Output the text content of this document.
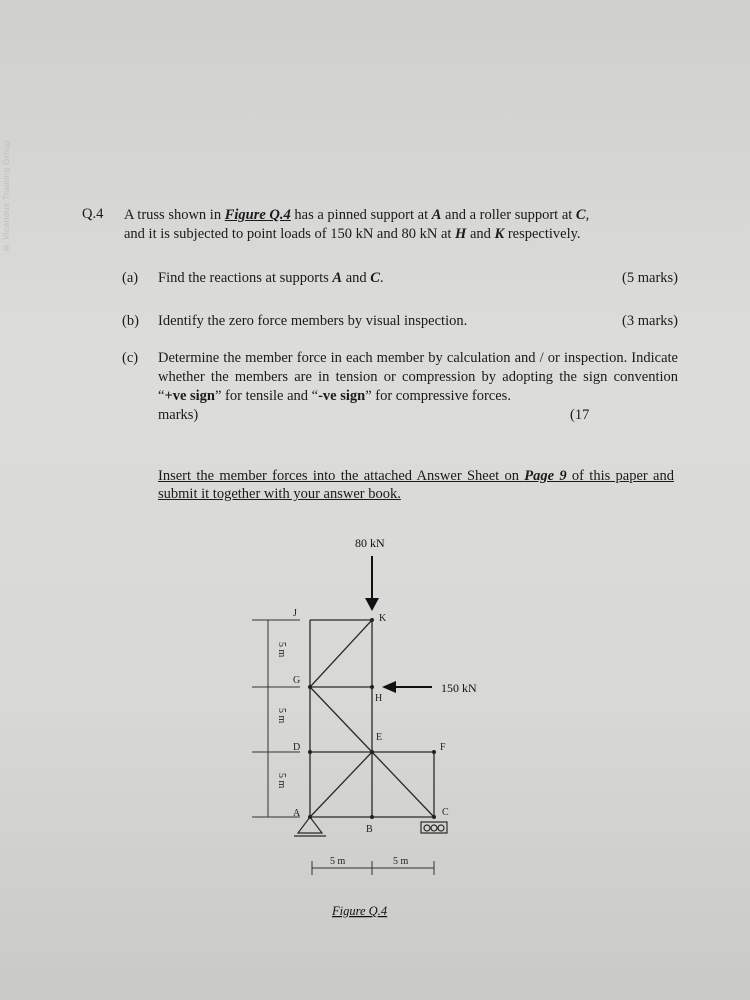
© Vicarious Training Group	Q.4 A truss shown in Figure Q.4 has a pinned support at A and a roller support at C,
and it is subjected to point loads of 150 kN and 80 kN at H and K respectively.
(a) Find the reactions at supports A and C.	(5 marks)
(b) Identify the zero force members by visual inspection.	(3 marks)
(c) Determine the member force in each member by calculation and / or inspection. Indicate whether the members are in tension or compression by adopting the sign convention “+ve sign” for tensile and “-ve sign” for compressive forces.
marks)	(17
Insert the member forces into the attached Answer Sheet on Page 9 of this paper and submit it together with your answer book.
80 kN
150 kN
J	K
G
H
D
E
F
A
B
C
5 m
5 m
5 m
5 m	5 m
Figure Q.4
